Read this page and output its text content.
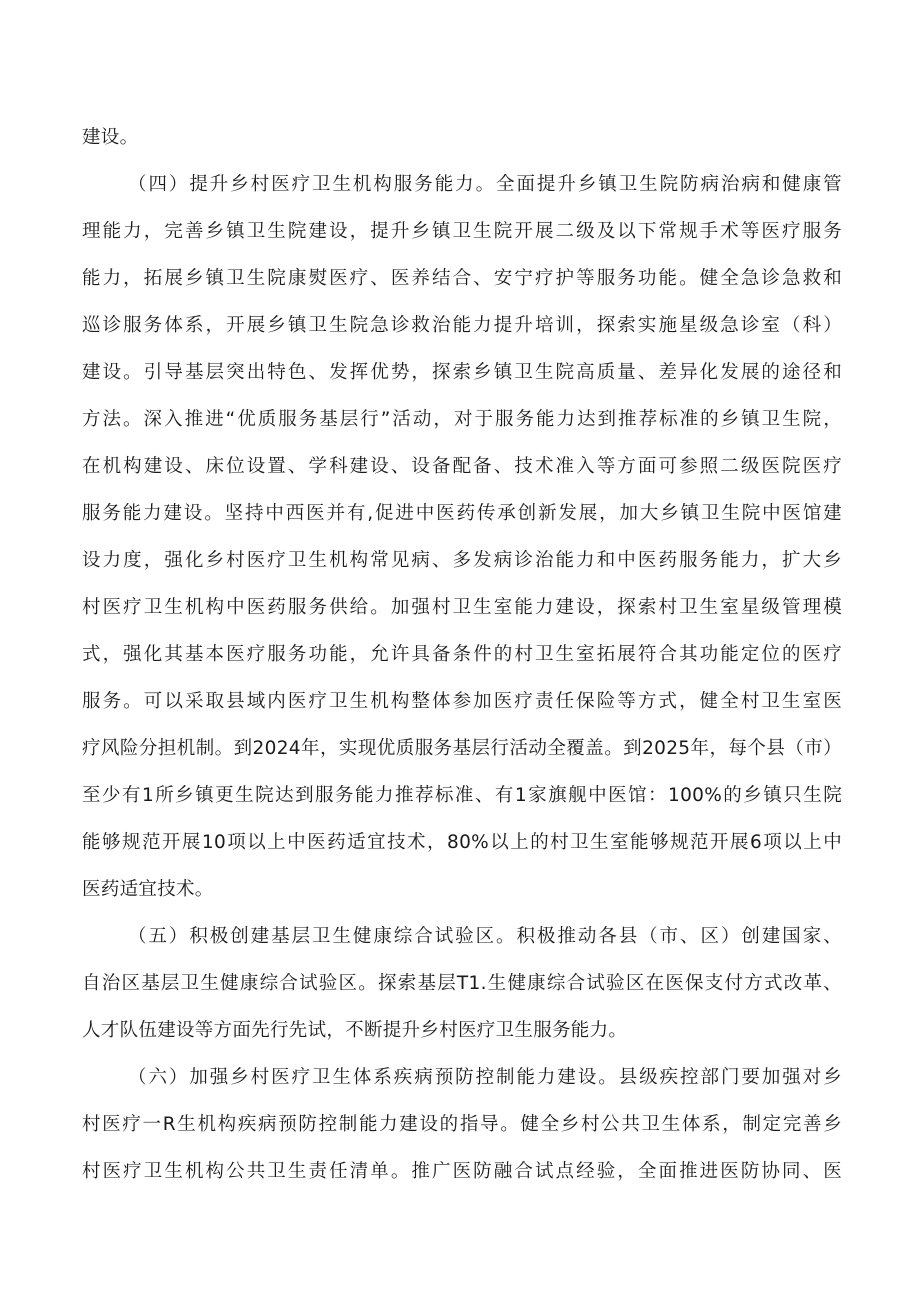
建设。
（四）提升乡村医疗卫生机构服务能力。全面提升乡镇卫生院防病治病和健康管
理能力，完善乡镇卫生院建设，提升乡镇卫生院开展二级及以下常规手术等医疗服务
能力，拓展乡镇卫生院康熨医疗、医养结合、安宁疗护等服务功能。健全急诊急救和
巡诊服务体系，开展乡镇卫生院急诊救治能力提升培训，探索实施星级急诊室（科）
建设。引导基层突出特色、发挥优势，探索乡镇卫生院高质量、差异化发展的途径和
方法。深入推进“优质服务基层行”活动，对于服务能力达到推荐标准的乡镇卫生院，
在机构建设、床位设置、学科建设、设备配备、技术准入等方面可参照二级医院医疗
服务能力建设。坚持中西医并有,促进中医药传承创新发展，加大乡镇卫生院中医馆建
设力度，强化乡村医疗卫生机构常见病、多发病诊治能力和中医药服务能力，扩大乡
村医疗卫生机构中医药服务供给。加强村卫生室能力建设，探索村卫生室星级管理模
式，强化其基本医疗服务功能，允许具备条件的村卫生室拓展符合其功能定位的医疗
服务。可以采取县域内医疗卫生机构整体参加医疗责任保险等方式，健全村卫生室医
疗风险分担机制。到2024年，实现优质服务基层行活动全覆盖。到2025年，每个县（市）
至少有1所乡镇更生院达到服务能力推荐标准、有1家旗舰中医馆：100%的乡镇只生院
能够规范开展10项以上中医药适宜技术，80%以上的村卫生室能够规范开展6项以上中
医药适宜技术。
（五）积极创建基层卫生健康综合试验区。积极推动各县（市、区）创建国家、
自治区基层卫生健康综合试验区。探索基层T1.生健康综合试验区在医保支付方式改革、
人才队伍建设等方面先行先试，不断提升乡村医疗卫生服务能力。
（六）加强乡村医疗卫生体系疾病预防控制能力建设。县级疾控部门要加强对乡
村医疗一R生机构疾病预防控制能力建设的指导。健全乡村公共卫生体系，制定完善乡
村医疗卫生机构公共卫生责任清单。推广医防融合试点经验，全面推进医防协同、医
